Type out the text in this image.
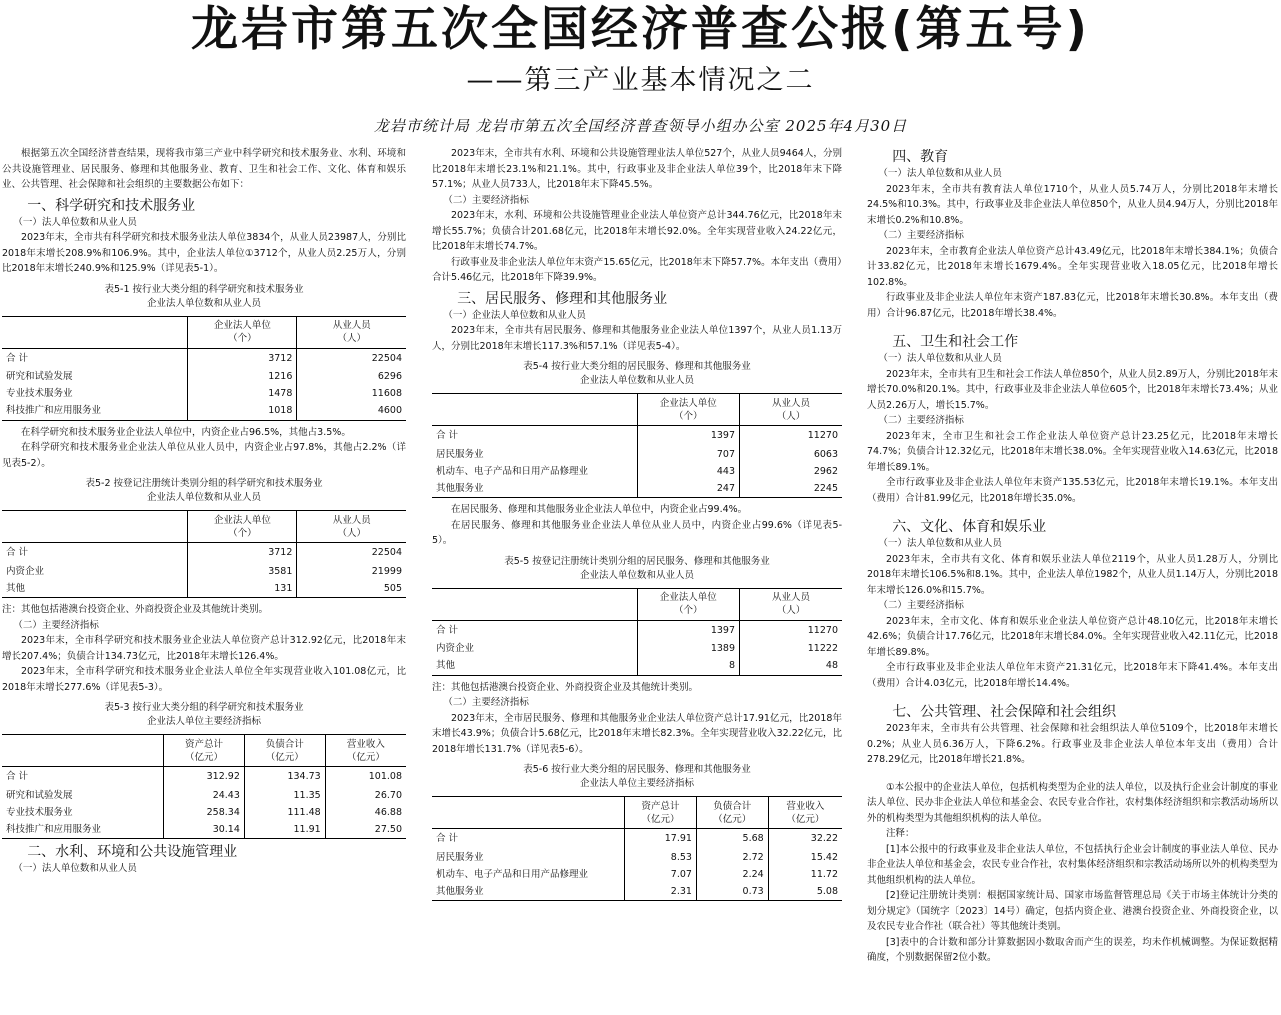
龙岩市第五次全国经济普查公报(第五号)
——第三产业基本情况之二
龙岩市统计局 龙岩市第五次全国经济普查领导小组办公室 2025年4月30日

根据第五次全国经济普查结果，现将我市第三产业中科学研究和技术服务业、水利、环境和公共设施管理业、居民服务、修理和其他服务业、教育、卫生和社会工作、文化、体育和娱乐业、公共管理、社会保障和社会组织的主要数据公布如下：

一、科学研究和技术服务业

（一）法人单位数和从业人员

2023年末，全市共有科学研究和技术服务业法人单位3834个，从业人员23987人，分别比2018年末增长208.9%和106.9%。其中，企业法人单位①3712个，从业人员2.25万人，分别比2018年末增长240.9%和125.9%（详见表5-1）。

表5-1 按行业大类分组的科学研究和技术服务业
企业法人单位数和从业人员
	企业法人单位
（个）	从业人员
（人）
合 计	3712	22504
研究和试验发展	1216	6296
专业技术服务业	1478	11608
科技推广和应用服务业	1018	4600

在科学研究和技术服务业企业法人单位中，内资企业占96.5%，其他占3.5%。

在科学研究和技术服务业企业法人单位从业人员中，内资企业占97.8%，其他占2.2%（详见表5-2）。

表5-2 按登记注册统计类别分组的科学研究和技术服务业
企业法人单位数和从业人员
	企业法人单位
（个）	从业人员
（人）
合 计	3712	22504
内资企业	3581	21999
其他	131	505

注：其他包括港澳台投资企业、外商投资企业及其他统计类别。

（二）主要经济指标

2023年末，全市科学研究和技术服务业企业法人单位资产总计312.92亿元，比2018年末增长207.4%；负债合计134.73亿元，比2018年末增长126.4%。

2023年末，全市科学研究和技术服务业企业法人单位全年实现营业收入101.08亿元，比2018年末增长277.6%（详见表5-3）。

表5-3 按行业大类分组的科学研究和技术服务业
企业法人单位主要经济指标
	资产总计
（亿元）	负债合计
（亿元）	营业收入
（亿元）
合 计	312.92	134.73	101.08
研究和试验发展	24.43	11.35	26.70
专业技术服务业	258.34	111.48	46.88
科技推广和应用服务业	30.14	11.91	27.50
二、水利、环境和公共设施管理业

（一）法人单位数和从业人员

2023年末，全市共有水利、环境和公共设施管理业法人单位527个，从业人员9464人，分别比2018年末增长23.1%和21.1%。其中，行政事业及非企业法人单位39个，比2018年末下降57.1%；从业人员733人，比2018年末下降45.5%。

（二）主要经济指标

2023年末，水利、环境和公共设施管理业企业法人单位资产总计344.76亿元，比2018年末增长55.7%；负债合计201.68亿元，比2018年末增长92.0%。全年实现营业收入24.22亿元，比2018年末增长74.7%。

行政事业及非企业法人单位年末资产15.65亿元，比2018年末下降57.7%。本年支出（费用）合计5.46亿元，比2018年下降39.9%。

三、居民服务、修理和其他服务业

（一）企业法人单位数和从业人员

2023年末，全市共有居民服务、修理和其他服务业企业法人单位1397个，从业人员1.13万人，分别比2018年末增长117.3%和57.1%（详见表5-4）。

表5-4 按行业大类分组的居民服务、修理和其他服务业
企业法人单位数和从业人员
	企业法人单位
（个）	从业人员
（人）
合 计	1397	11270
居民服务业	707	6063
机动车、电子产品和日用产品修理业	443	2962
其他服务业	247	2245

在居民服务、修理和其他服务业企业法人单位中，内资企业占99.4%。

在居民服务、修理和其他服务业企业法人单位从业人员中，内资企业占99.6%（详见表5-5）。

表5-5 按登记注册统计类别分组的居民服务、修理和其他服务业
企业法人单位数和从业人员
	企业法人单位
（个）	从业人员
（人）
合 计	1397	11270
内资企业	1389	11222
其他	8	48

注：其他包括港澳台投资企业、外商投资企业及其他统计类别。

（二）主要经济指标

2023年末，全市居民服务、修理和其他服务业企业法人单位资产总计17.91亿元，比2018年末增长43.9%；负债合计5.68亿元，比2018年末增长82.3%。全年实现营业收入32.22亿元，比2018年增长131.7%（详见表5-6）。

表5-6 按行业大类分组的居民服务、修理和其他服务业
企业法人单位主要经济指标
	资产总计
（亿元）	负债合计
（亿元）	营业收入
（亿元）
合 计	17.91	5.68	32.22
居民服务业	8.53	2.72	15.42
机动车、电子产品和日用产品修理业	7.07	2.24	11.72
其他服务业	2.31	0.73	5.08
四、教育

（一）法人单位数和从业人员

2023年末，全市共有教育法人单位1710个，从业人员5.74万人，分别比2018年末增长24.5%和10.3%。其中，行政事业及非企业法人单位850个，从业人员4.94万人，分别比2018年末增长0.2%和10.8%。

（二）主要经济指标

2023年末，全市教育企业法人单位资产总计43.49亿元，比2018年末增长384.1%；负债合计33.82亿元，比2018年末增长1679.4%。全年实现营业收入18.05亿元，比2018年增长102.8%。

行政事业及非企业法人单位年末资产187.83亿元，比2018年末增长30.8%。本年支出（费用）合计96.87亿元，比2018年增长38.4%。

五、卫生和社会工作

（一）法人单位数和从业人员

2023年末，全市共有卫生和社会工作法人单位850个，从业人员2.89万人，分别比2018年末增长70.0%和20.1%。其中，行政事业及非企业法人单位605个，比2018年末增长73.4%；从业人员2.26万人，增长15.7%。

（二）主要经济指标

2023年末，全市卫生和社会工作企业法人单位资产总计23.25亿元，比2018年末增长74.7%；负债合计12.32亿元，比2018年末增长38.0%。全年实现营业收入14.63亿元，比2018年增长89.1%。

全市行政事业及非企业法人单位年末资产135.53亿元，比2018年末增长19.1%。本年支出（费用）合计81.99亿元，比2018年增长35.0%。

六、文化、体育和娱乐业

（一）法人单位数和从业人员

2023年末，全市共有文化、体育和娱乐业法人单位2119个，从业人员1.28万人，分别比2018年末增长106.5%和8.1%。其中，企业法人单位1982个，从业人员1.14万人，分别比2018年末增长126.0%和15.7%。

（二）主要经济指标

2023年末，全市文化、体育和娱乐业企业法人单位资产总计48.10亿元，比2018年末增长42.6%；负债合计17.76亿元，比2018年末增长84.0%。全年实现营业收入42.11亿元，比2018年增长89.8%。

全市行政事业及非企业法人单位年末资产21.31亿元，比2018年末下降41.4%。本年支出（费用）合计4.03亿元，比2018年增长14.4%。

七、公共管理、社会保障和社会组织

2023年末，全市共有公共管理、社会保障和社会组织法人单位5109个，比2018年末增长0.2%；从业人员6.36万人，下降6.2%。行政事业及非企业法人单位本年支出（费用）合计278.29亿元，比2018年增长21.8%。

①本公报中的企业法人单位，包括机构类型为企业的法人单位，以及执行企业会计制度的事业法人单位、民办非企业法人单位和基金会、农民专业合作社，农村集体经济组织和宗教活动场所以外的机构类型为其他组织机构的法人单位。

注释：

[1]本公报中的行政事业及非企业法人单位，不包括执行企业会计制度的事业法人单位、民办非企业法人单位和基金会，农民专业合作社，农村集体经济组织和宗教活动场所以外的机构类型为其他组织机构的法人单位。

[2]登记注册统计类别：根据国家统计局、国家市场监督管理总局《关于市场主体统计分类的划分规定》（国统字〔2023〕14号）确定，包括内资企业、港澳台投资企业、外商投资企业，以及农民专业合作社（联合社）等其他统计类别。

[3]表中的合计数和部分计算数据因小数取舍而产生的误差，均未作机械调整。为保证数据精确度，个别数据保留2位小数。
